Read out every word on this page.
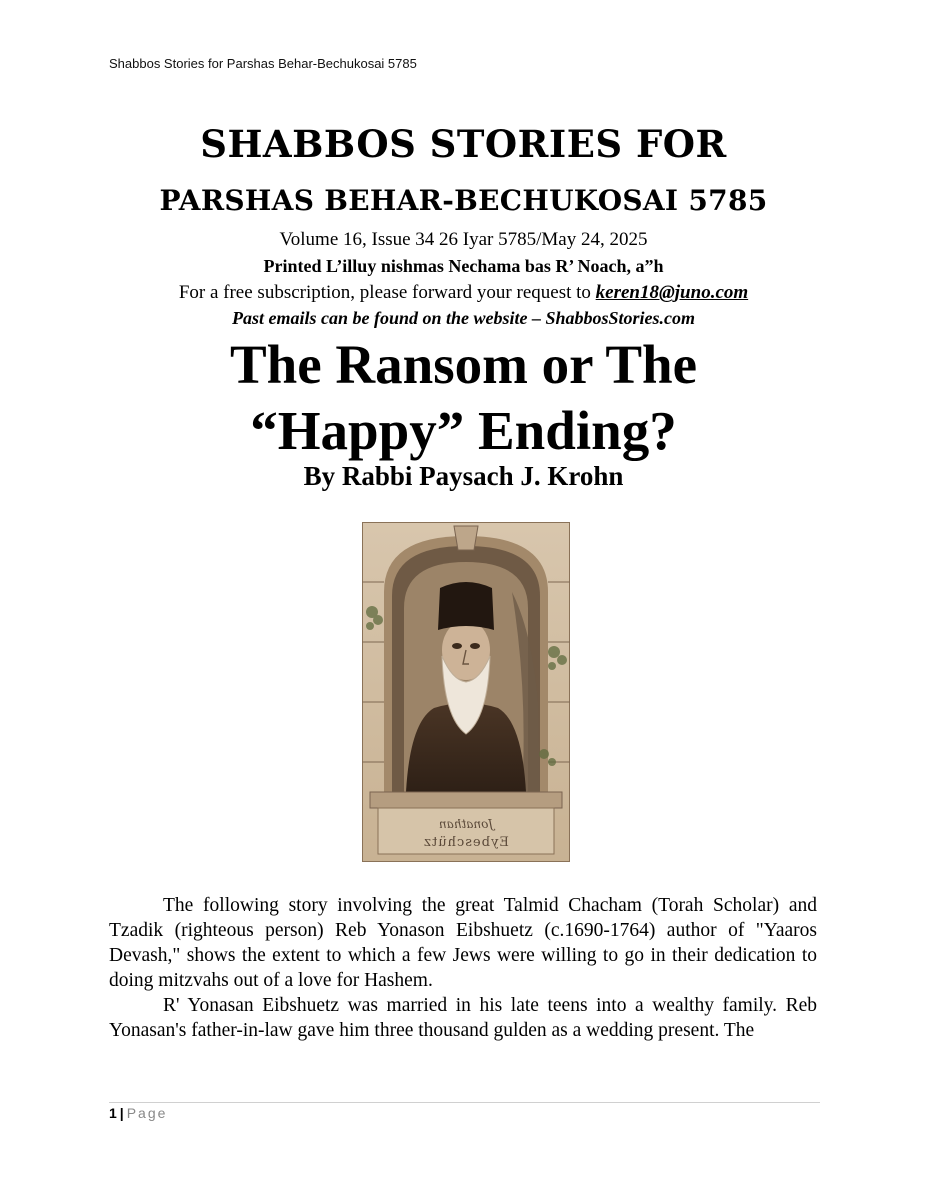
Shabbos Stories for Parshas Behar-Bechukosai 5785
SHABBOS STORIES FOR
PARSHAS BEHAR-BECHUKOSAI 5785
Volume 16, Issue 34 26 Iyar 5785/May 24, 2025
Printed L’illuy nishmas Nechama bas R’ Noach, a”h
For a free subscription, please forward your request to keren18@juno.com
Past emails can be found on the website – ShabbosStories.com
The Ransom or The
“Happy” Ending?
By Rabbi Paysach J. Krohn
Jonathan
Eybeschütz

The following story involving the great Talmid Chacham (Torah Scholar) and Tzadik (righteous person) Reb Yonason Eibshuetz (c.1690-1764) author of "Yaaros Devash," shows the extent to which a few Jews were willing to go in their dedication to doing mitzvahs out of a love for Hashem.

R' Yonasan Eibshuetz was married in his late teens into a wealthy family. Reb Yonasan's father-in-law gave him three thousand gulden as a wedding present. The

1 | Page
